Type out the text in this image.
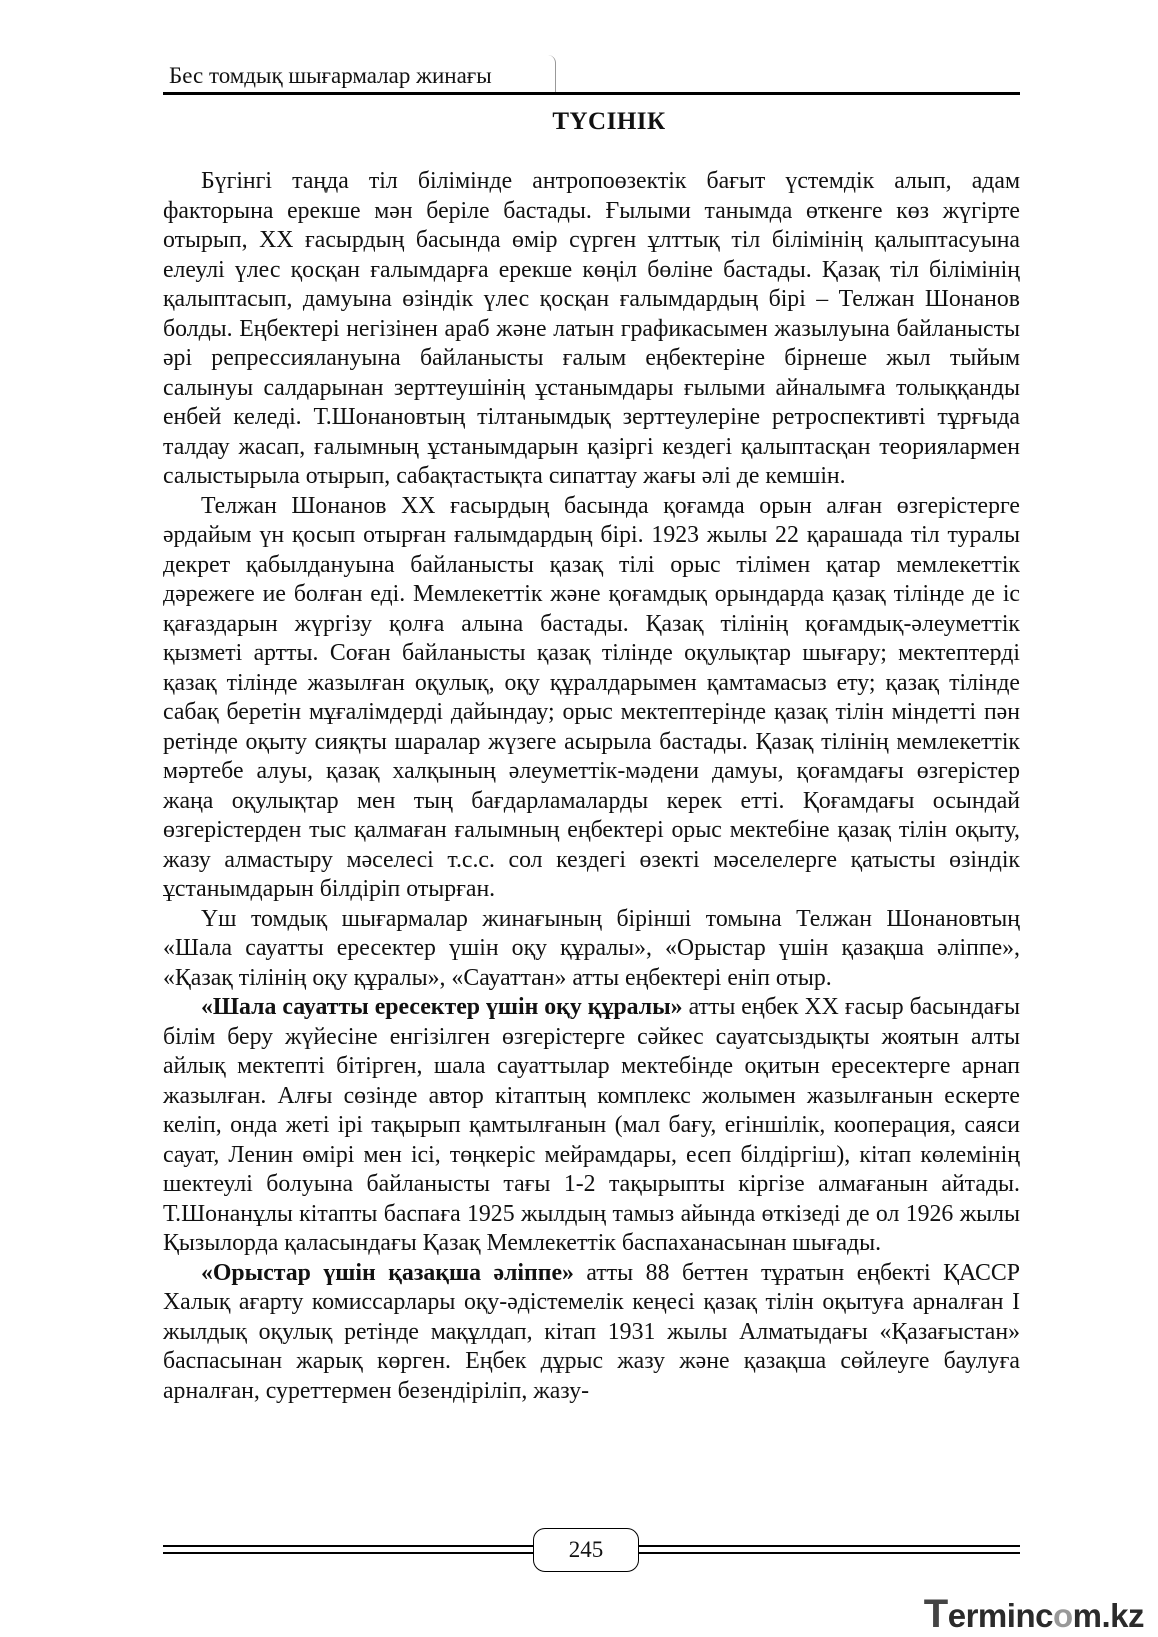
Бес томдық шығармалар жинағы
ТҮСІНІК

Бүгінгі таңда тіл білімінде антропоөзектік бағыт үстемдік алып, адам факторына ерекше мән беріле бастады. Ғылыми танымда өткенге көз жүгірте отырып, XX ғасырдың басында өмір сүрген ұлттық тіл білімінің қалыптасуына елеулі үлес қосқан ғалымдарға ерекше көңіл бөліне бастады. Қазақ тіл білімінің қалыптасып, дамуына өзіндік үлес қосқан ғалымдардың бірі – Телжан Шонанов болды. Еңбектері негізінен араб және латын графикасымен жазылуына байланысты әрі репрессиялануына байланысты ғалым еңбектеріне бірнеше жыл тыйым салынуы салдарынан зерттеушінің ұстанымдары ғылыми айналымға толыққанды енбей келеді. Т.Шонановтың тілтанымдық зерттеулеріне ретроспективті тұрғыда талдау жасап, ғалымның ұстанымдарын қазіргі кездегі қалыптасқан теориялармен салыстырыла отырып, сабақтастықта сипаттау жағы әлі де кемшін.

Телжан Шонанов XX ғасырдың басында қоғамда орын алған өзгерістерге әрдайым үн қосып отырған ғалымдардың бірі. 1923 жылы 22 қарашада тіл туралы декрет қабылдануына байланысты қазақ тілі орыс тілімен қатар мемлекеттік дәрежеге ие болған еді. Мемлекеттік және қоғамдық орындарда қазақ тілінде де іс қағаздарын жүргізу қолға алына бастады. Қазақ тілінің қоғамдық-әлеуметтік қызметі артты. Соған байланысты қазақ тілінде оқулықтар шығару; мектептерді қазақ тілінде жазылған оқулық, оқу құралдарымен қамтамасыз ету; қазақ тілінде сабақ беретін мұғалімдерді дайындау; орыс мектептерінде қазақ тілін міндетті пән ретінде оқыту сияқты шаралар жүзеге асырыла бастады. Қазақ тілінің мемлекеттік мәртебе алуы, қазақ халқының әлеуметтік-мәдени дамуы, қоғамдағы өзгерістер жаңа оқулықтар мен тың бағдарламаларды керек етті. Қоғамдағы осындай өзгерістерден тыс қалмаған ғалымның еңбектері орыс мектебіне қазақ тілін оқыту, жазу алмастыру мәселесі т.с.с. сол кездегі өзекті мәселелерге қатысты өзіндік ұстанымдарын білдіріп отырған.

Үш томдық шығармалар жинағының бірінші томына Телжан Шонановтың «Шала сауатты ересектер үшін оқу құралы», «Орыстар үшін қазақша әліппе», «Қазақ тілінің оқу құралы», «Сауаттан» атты еңбектері еніп отыр.

«Шала сауатты ересектер үшін оқу құралы» атты еңбек XX ғасыр басындағы білім беру жүйесіне енгізілген өзгерістерге сәйкес сауатсыздықты жоятын алты айлық мектепті бітірген, шала сауаттылар мектебінде оқитын ересектерге арнап жазылған. Алғы сөзінде автор кітаптың комплекс жолымен жазылғанын ескерте келіп, онда жеті ірі тақырып қамтылғанын (мал бағу, егіншілік, кооперация, саяси сауат, Ленин өмірі мен ісі, төңкеріс мейрамдары, есеп білдіргіш), кітап көлемінің шектеулі болуына байланысты тағы 1-2 тақырыпты кіргізе алмағанын айтады. Т.Шонанұлы кітапты баспаға 1925 жылдың тамыз айында өткізеді де ол 1926 жылы Қызылорда қаласындағы Қазақ Мемлекеттік баспаханасынан шығады.

«Орыстар үшін қазақша әліппе» атты 88 беттен тұратын еңбекті ҚАССР Халық ағарту комиссарлары оқу-әдістемелік кеңесі қазақ тілін оқытуға арналған I жылдық оқулық ретінде мақұлдап, кітап 1931 жылы Алматыдағы «Қазағыстан» баспасынан жарық көрген. Еңбек дұрыс жазу және қазақша сөйлеуге баулуға арналған, суреттермен безендіріліп, жазу-

245
Termincom.kz
